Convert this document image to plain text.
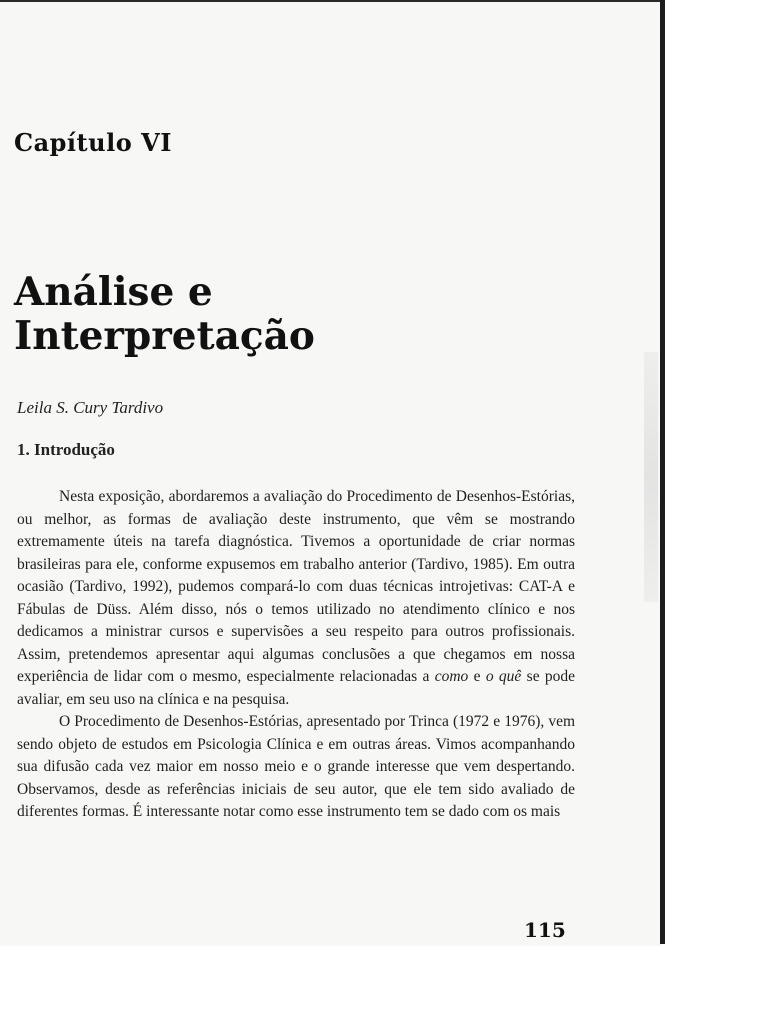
Capítulo VI
Análise e
Interpretação
Leila S. Cury Tardivo
1. Introdução

Nesta exposição, abordaremos a avaliação do Procedimento de Desenhos-Estórias, ou melhor, as formas de avaliação deste instrumento, que vêm se mostrando extremamente úteis na tarefa diagnóstica. Tivemos a oportunidade de criar normas brasileiras para ele, conforme expusemos em trabalho anterior (Tardivo, 1985). Em outra ocasião (Tardivo, 1992), pudemos compará-lo com duas técnicas introjetivas: CAT-A e Fábulas de Düss. Além disso, nós o temos utilizado no atendimento clínico e nos dedicamos a ministrar cursos e supervisões a seu respeito para outros profissionais. Assim, pretendemos apresentar aqui algumas conclusões a que chegamos em nossa experiência de lidar com o mesmo, especialmente relacionadas a como e o quê se pode avaliar, em seu uso na clínica e na pesquisa.

O Procedimento de Desenhos-Estórias, apresentado por Trinca (1972 e 1976), vem sendo objeto de estudos em Psicologia Clínica e em outras áreas. Vimos acompanhando sua difusão cada vez maior em nosso meio e o grande interesse que vem despertando. Observamos, desde as referências iniciais de seu autor, que ele tem sido avaliado de diferentes formas. É interessante notar como esse instrumento tem se dado com os mais

115
